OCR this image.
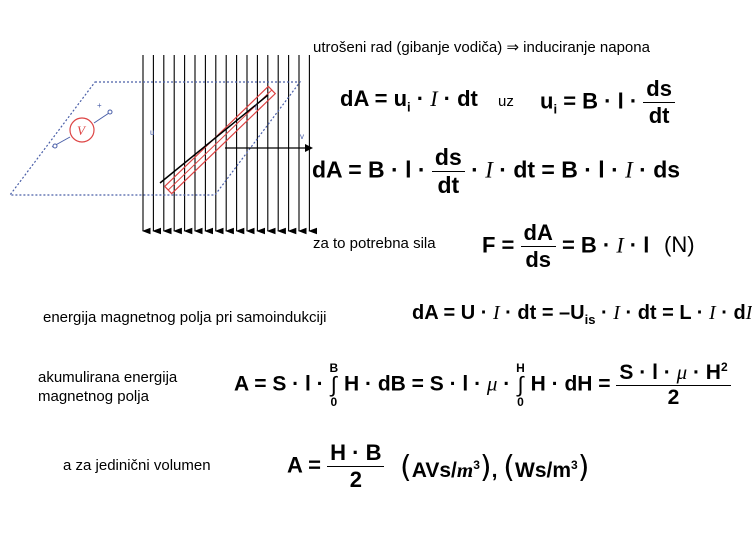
V
+
u
i
v
utrošeni rad (gibanje vodiča) ⇒ induciranje napona
dA = $u_i \cdot I$ · dt uz $u_i = B \cdot l \cdot \frac{ds}{dt}$
dA = $B \cdot l \cdot \frac{ds}{dt} \cdot I$ · dt = B · l · I · ds
za to potrebna sila $F = \frac{dA}{ds} = B \cdot I \cdot l$ (N)
energija magnetnog polja pri samoindukciji	dA = U · I · dt = $-U_{is} \cdot I$ · dt = L · I · dI
akumulirana energija magnetnog polja
A = S · l ·
B
∫
0
H · dB = S · l · μ ·
H
∫
0
H · dH = $\frac{S \cdot l \cdot \mu \cdot H^2}{2}$
a za jedinični volumen	$A = \frac{H \cdot B}{2} (AVs/m^3)$, $(Ws/m^3)$
